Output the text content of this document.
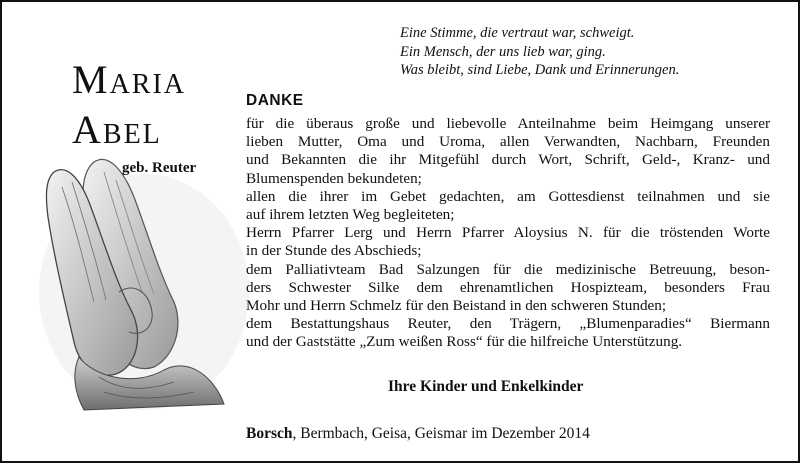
Eine Stimme, die vertraut war, schweigt.
Ein Mensch, der uns lieb war, ging.
Was bleibt, sind Liebe, Dank und Erinnerungen.
Maria
Abel
geb. Reuter
DANKE
für die überaus große und liebevolle Anteilnahme beim Heimgang unserer
lieben Mutter, Oma und Uroma, allen Verwandten, Nachbarn, Freunden
und Bekannten die ihr Mitgefühl durch Wort, Schrift, Geld-, Kranz- und
Blumenspenden bekundeten;
allen die ihrer im Gebet gedachten, am Gottesdienst teilnahmen und sie
auf ihrem letzten Weg begleiteten;
Herrn Pfarrer Lerg und Herrn Pfarrer Aloysius N. für die tröstenden Worte
in der Stunde des Abschieds;
dem Palliativteam Bad Salzungen für die medizinische Betreuung, beson-
ders Schwester Silke dem ehrenamtlichen Hospizteam, besonders Frau
Mohr und Herrn Schmelz für den Beistand in den schweren Stunden;
dem Bestattungshaus Reuter, den Trägern, „Blumenparadies“ Biermann
und der Gaststätte „Zum weißen Ross“ für die hilfreiche Unterstützung.
Ihre Kinder und Enkelkinder
Borsch, Bermbach, Geisa, Geismar im Dezember 2014
